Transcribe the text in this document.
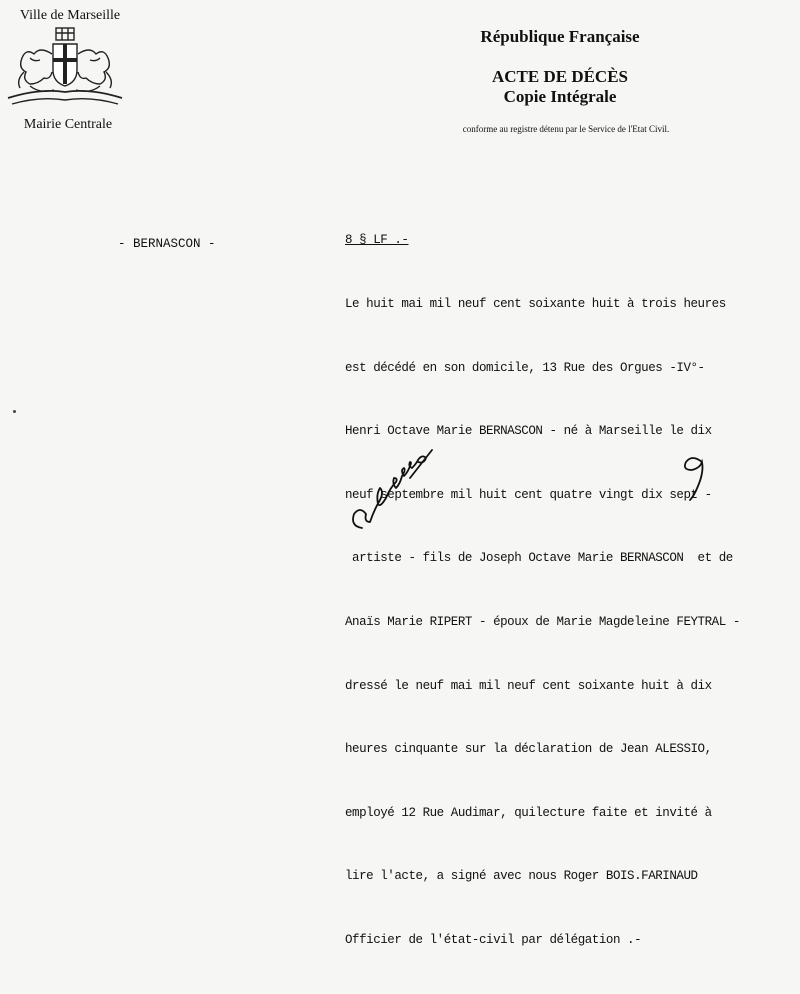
Ville de Marseille
Mairie Centrale
République Française
ACTE DE DÉCÈS
Copie Intégrale
conforme au registre détenu par le Service de l'Etat Civil.
- BERNASCON -

	8 § LF .-

Le huit mai mil neuf cent soixante huit à trois heures

est décédé en son domicile, 13 Rue des Orgues -IV°-

Henri Octave Marie BERNASCON - né à Marseille le dix

neuf septembre mil huit cent quatre vingt dix sept -

artiste - fils de Joseph Octave Marie BERNASCON  et de

Anaïs Marie RIPERT - époux de Marie Magdeleine FEYTRAL -

dressé le neuf mai mil neuf cent soixante huit à dix

heures cinquante sur la déclaration de Jean ALESSIO,

employé 12 Rue Audimar, quilecture faite et invité à

lire l'acte, a signé avec nous Roger BOIS.FARINAUD

Officier de l'état-civil par délégation .-
